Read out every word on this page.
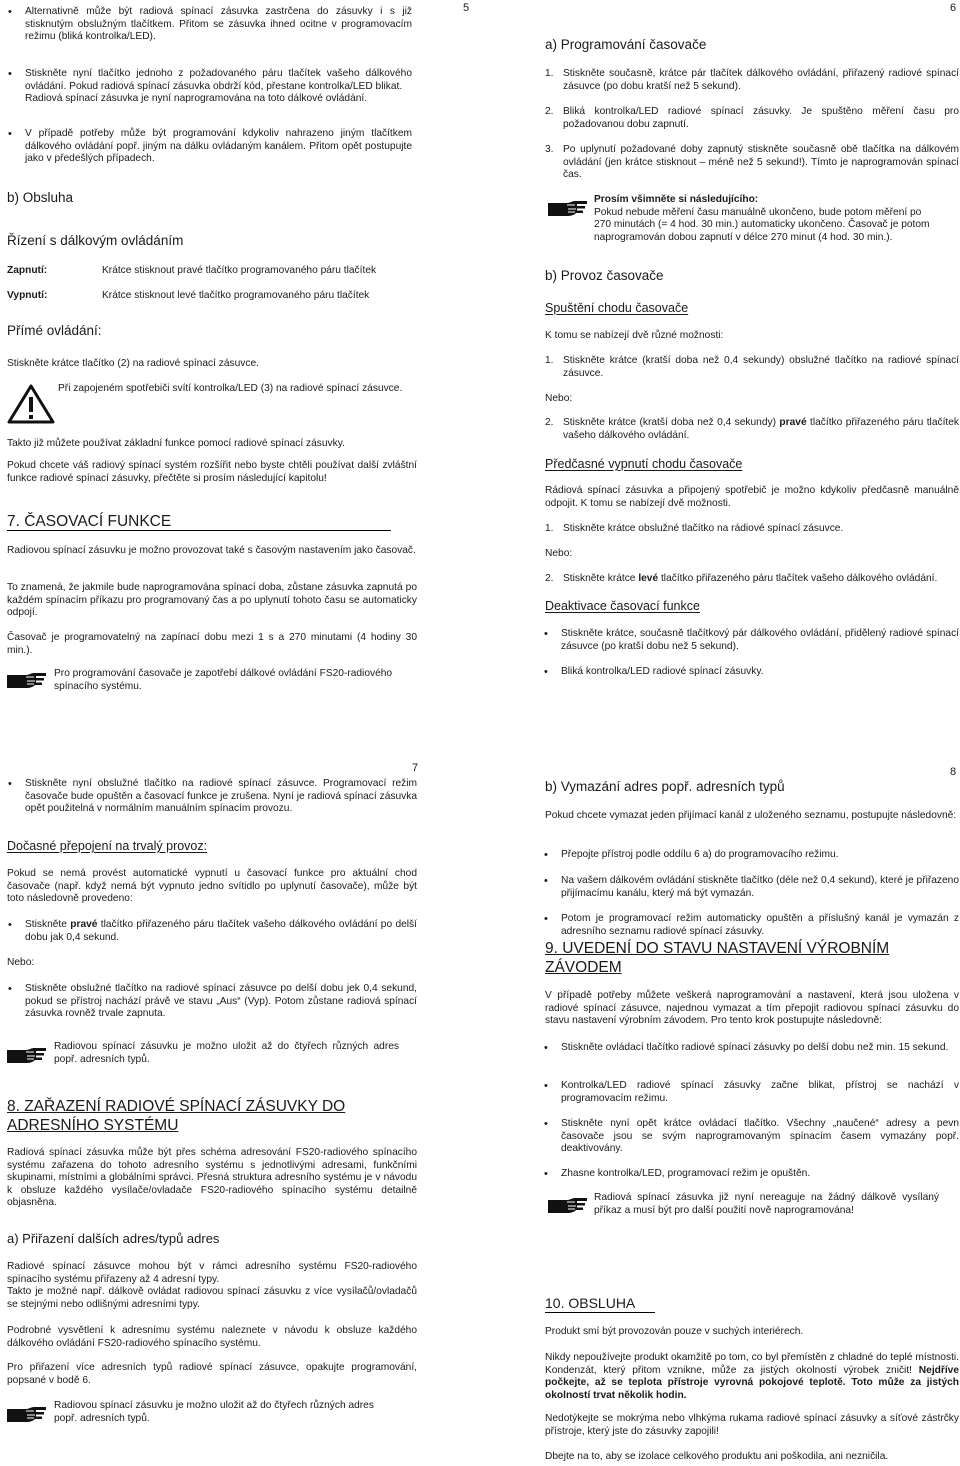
5

• Alternativně může být radiová spínací zásuvka zastrčena do zásuvky i s již stisknutým obslužným tlačítkem. Přitom se zásuvka ihned ocitne v programovacím režimu (bliká kontrolka/LED).

• Stiskněte nyní tlačítko jednoho z požadovaného páru tlačítek vašeho dálkového ovládání. Pokud radiová spínací zásuvka obdrží kód, přestane kontrolka/LED blikat.
Radiová spínací zásuvka je nyní naprogramována na toto dálkové ovládání.

• V případě potřeby může být programování kdykoliv nahrazeno jiným tlačítkem dálkového ovládání popř. jiným na dálku ovládaným kanálem. Přitom opět postupujte jako v předešlých případech.

b) Obsluha
Řízení s dálkovým ovládáním
Zapnutí:	Krátce stisknout pravé tlačítko programovaného páru tlačítek
Vypnutí:	Krátce stisknout levé tlačítko programovaného páru tlačítek
Přímé ovládání:

Stiskněte krátce tlačítko (2) na radiové spínací zásuvce.

Při zapojeném spotřebiči svítí kontrolka/LED (3) na radiové spínací zásuvce.

Takto již můžete používat základní funkce pomocí radiové spínací zásuvky.

Pokud chcete váš radiový spínací systém rozšířit nebo byste chtěli používat další zvláštní funkce radiové spínací zásuvky, přečtěte si prosím následující kapitolu!

7. ČASOVACÍ FUNKCE

Radiovou spínací zásuvku je možno provozovat také s časovým nastavením jako časovač.

To znamená, že jakmile bude naprogramována spínací doba, zůstane zásuvka zapnutá po každém spínacím příkazu pro programovaný čas a po uplynutí tohoto času se automaticky odpojí.

Časovač je programovatelný na zapínací dobu mezi 1 s a 270 minutami (4 hodiny 30 min.).

Pro programování časovače je zapotřebí dálkové ovládání FS20-radiového spínacího systému.

6
a) Programování časovače
1. Stiskněte současně, krátce pár tlačítek dálkového ovládání, přiřazený radiové spínací zásuvce (po dobu kratší než 5 sekund).
2. Bliká kontrolka/LED radiové spínací zásuvky. Je spuštěno měření času pro požadovanou dobu zapnutí.
3. Po uplynutí požadované doby zapnutý stiskněte současně obě tlačítka na dálkovém ovládání (jen krátce stisknout – méně než 5 sekund!). Tímto je naprogramován spínací čas.
Prosím všimněte si následujícího:
Pokud nebude měření času manuálně ukončeno, bude potom měření po 270 minutách (= 4 hod. 30 min.) automaticky ukončeno. Časovač je potom naprogramován dobou zapnutí v délce 270 minut (4 hod. 30 min.).
b) Provoz časovače
Spuštění chodu časovače

K tomu se nabízejí dvě různé možnosti:

1. Stiskněte krátce (kratší doba než 0,4 sekundy) obslužné tlačítko na radiové spínací zásuvce.

Nebo:

2. Stiskněte krátce (kratší doba než 0,4 sekundy) pravé tlačítko přiřazeného páru tlačítek vašeho dálkového ovládání.
Předčasné vypnutí chodu časovače

Rádiová spínací zásuvka a připojený spotřebič je možno kdykoliv předčasně manuálně odpojit. K tomu se nabízejí dvě možnosti.

1. Stiskněte krátce obslužné tlačítko na rádiové spínací zásuvce.

Nebo:

2. Stiskněte krátce levé tlačítko přiřazeného páru tlačítek vašeho dálkového ovládání.
Deaktivace časovací funkce

• Stiskněte krátce, současně tlačítkový pár dálkového ovládání, přidělený radiové spínací zásuvce (po kratší dobu než 5 sekund).

• Bliká kontrolka/LED radiové spínací zásuvky.

7

• Stiskněte nyní obslužné tlačítko na radiové spínací zásuvce. Programovací režim časovače bude opuštěn a časovací funkce je zrušena. Nyní je radiová spínací zásuvka opět použitelná v normálním manuálním spínacím provozu.

Dočasné přepojení na trvalý provoz:

Pokud se nemá provést automatické vypnutí u časovací funkce pro aktuální chod časovače (např. když nemá být vypnuto jedno svítidlo po uplynutí časovače), může být toto následovně provedeno:

• Stiskněte pravé tlačítko přiřazeného páru tlačítek vašeho dálkového ovládání po delší dobu jak 0,4 sekund.

Nebo:

• Stiskněte obslužné tlačítko na radiové spínací zásuvce po delší dobu jek 0,4 sekund, pokud se přístroj nachází právě ve stavu „Aus“ (Vyp). Potom zůstane radiová spínací zásuvka rovněž trvale zapnuta.

Radiovou spínací zásuvku je možno uložit až do čtyřech různých adres popř. adresních typů.

8. ZAŘAZENÍ RADIOVÉ SPÍNACÍ ZÁSUVKY DO
ADRESNÍHO SYSTÉMU

Radiová spínací zásuvka může být přes schéma adresování FS20-radiového spínacího systému zařazena do tohoto adresního systému s jednotlivými adresami, funkčními skupinami, místními a globálními správci. Přesná struktura adresního systému je v návodu k obsluze každého vysílače/ovladače FS20-radiového spínacího systému detailně objasněna.

a) Přiřazení dalších adres/typů adres

Radiové spínací zásuvce mohou být v rámci adresního systému FS20-radiového spínacího systému přiřazeny až 4 adresní typy.

Takto je možné např. dálkově ovládat radiovou spínací zásuvku z více vysílačů/ovladačů se stejnými nebo odlišnými adresními typy.

Podrobné vysvětlení k adresnímu systému naleznete v návodu k obsluze každého dálkového ovládání FS20-radiového spínacího systému.

Pro přiřazení více adresních typů radiové spínací zásuvce, opakujte programování, popsané v bodě 6.

Radiovou spínací zásuvku je možno uložit až do čtyřech různých adres popř. adresních typů.

8
b) Vymazání adres popř. adresních typů

Pokud chcete vymazat jeden přijímací kanál z uloženého seznamu, postupujte následovně:

• Přepojte přístroj podle oddílu 6 a) do programovacího režimu.

• Na vašem dálkovém ovládání stiskněte tlačítko (déle než 0,4 sekund), které je přiřazeno přijímacímu kanálu, který má být vymazán.

• Potom je programovací režim automaticky opuštěn a příslušný kanál je vymazán z adresního seznamu radiové spínací zásuvky.

9. UVEDENÍ DO STAVU NASTAVENÍ VÝROBNÍM
ZÁVODEM

V případě potřeby můžete veškerá naprogramování a nastavení, která jsou uložena v radiové spínací zásuvce, najednou vymazat a tím přepojit radiovou spínací zásuvku do stavu nastavení výrobním závodem. Pro tento krok postupujte následovně:

• Stiskněte ovládací tlačítko radiové spínací zásuvky po delší dobu než min. 15 sekund.

• Kontrolka/LED radiové spínací zásuvky začne blikat, přístroj se nachází v programovacím režimu.

• Stiskněte nyní opět krátce ovládací tlačítko. Všechny „naučené“ adresy a pevn časovače jsou se svým naprogramovaným spínacím časem vymazány popř. deaktivovány.

• Zhasne kontrolka/LED, programovací režim je opuštěn.

Radiová spínací zásuvka již nyní nereaguje na žádný dálkově vysílaný příkaz a musí být pro další použití nově naprogramována!

10. OBSLUHA

Produkt smí být provozován pouze v suchých interiérech.

Nikdy nepoužívejte produkt okamžitě po tom, co byl přemístěn z chladné do teplé místnosti. Kondenzát, který přitom vznikne, může za jistých okolností výrobek zničit! Nejdříve počkejte, až se teplota přístroje vyrovná pokojové teplotě. Toto může za jistých okolností trvat několik hodin.

Nedotýkejte se mokrýma nebo vlhkýma rukama radiové spínací zásuvky a síťové zástrčky přístroje, který jste do zásuvky zapojili!

Dbejte na to, aby se izolace celkového produktu ani poškodila, ani nezničila.
